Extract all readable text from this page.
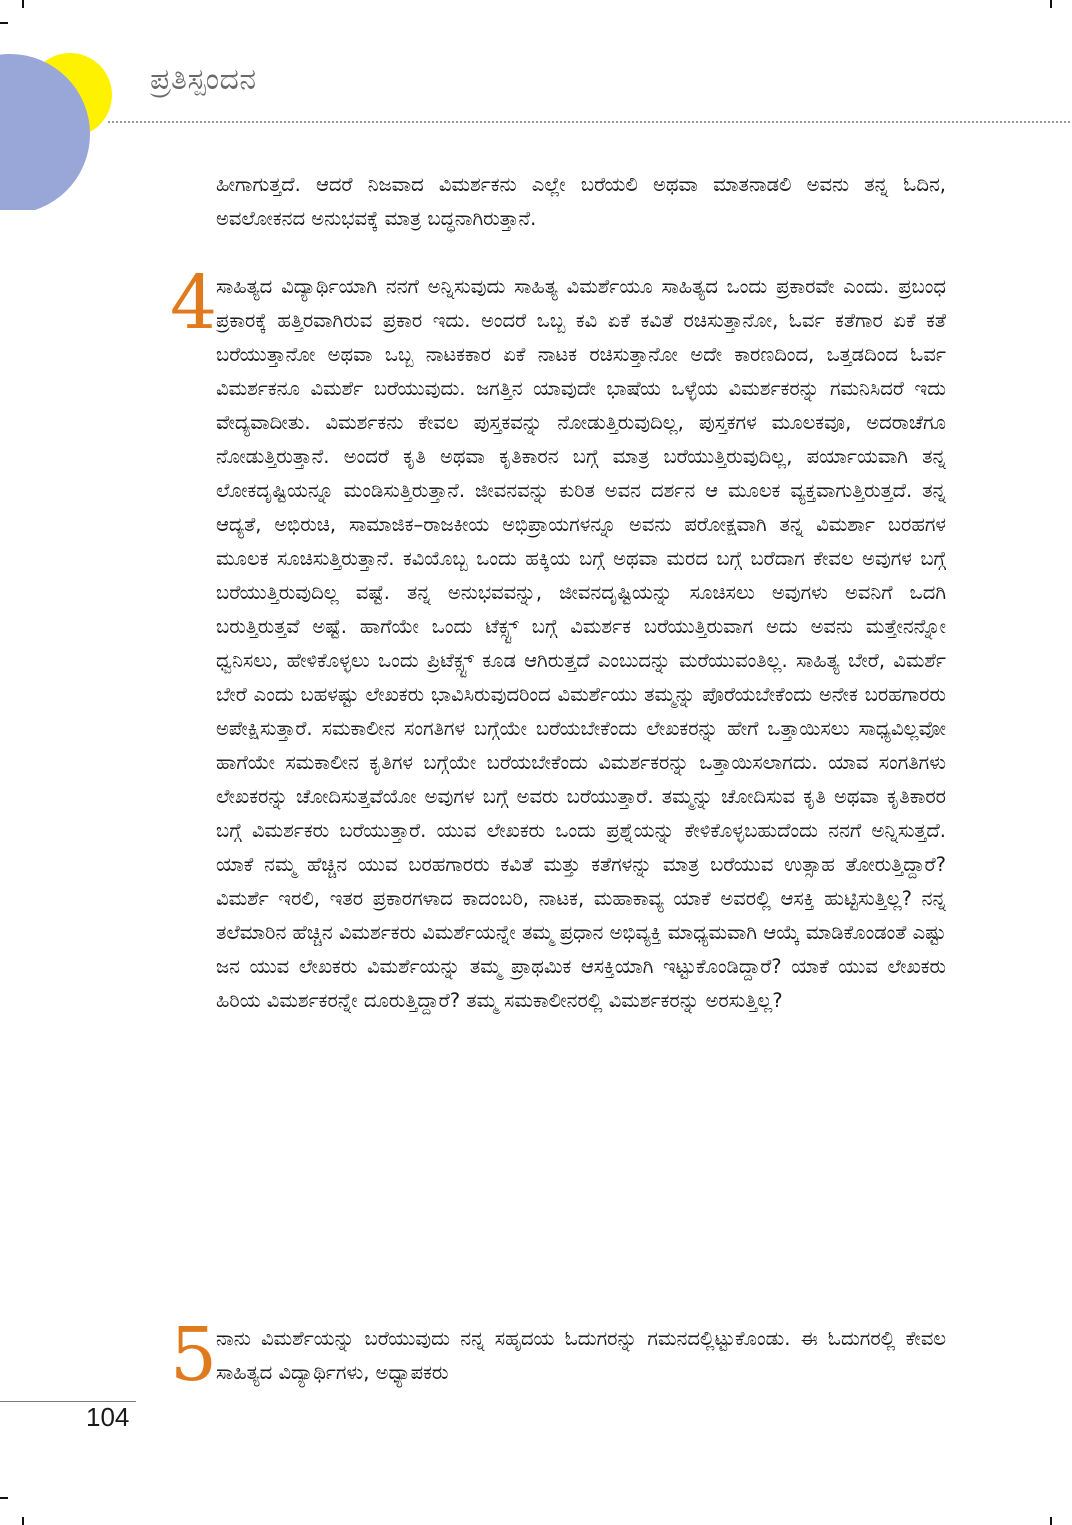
ಪ್ರತಿಸ್ಪಂದನ

ಹೀಗಾಗುತ್ತದೆ. ಆದರೆ ನಿಜವಾದ ವಿಮರ್ಶಕನು ಎಲ್ಲೇ ಬರೆಯಲಿ ಅಥವಾ ಮಾತನಾಡಲಿ ಅವನು ತನ್ನ ಓದಿನ, ಅವಲೋಕನದ ಅನುಭವಕ್ಕೆ ಮಾತ್ರ ಬದ್ಧನಾಗಿರುತ್ತಾನೆ.

4

ಸಾಹಿತ್ಯದ ವಿದ್ಯಾರ್ಥಿಯಾಗಿ ನನಗೆ ಅನ್ನಿಸುವುದು ಸಾಹಿತ್ಯ ವಿಮರ್ಶೆಯೂ ಸಾಹಿತ್ಯದ ಒಂದು ಪ್ರಕಾರವೇ ಎಂದು. ಪ್ರಬಂಧ ಪ್ರಕಾರಕ್ಕೆ ಹತ್ತಿರವಾಗಿರುವ ಪ್ರಕಾರ ಇದು. ಅಂದರೆ ಒಬ್ಬ ಕವಿ ಏಕೆ ಕವಿತೆ ರಚಿಸುತ್ತಾನೋ, ಓರ್ವ ಕತೆಗಾರ ಏಕೆ ಕತೆ ಬರೆಯುತ್ತಾನೋ ಅಥವಾ ಒಬ್ಬ ನಾಟಕಕಾರ ಏಕೆ ನಾಟಕ ರಚಿಸುತ್ತಾನೋ ಅದೇ ಕಾರಣದಿಂದ, ಒತ್ತಡದಿಂದ ಓರ್ವ ವಿಮರ್ಶಕನೂ ವಿಮರ್ಶೆ ಬರೆಯುವುದು. ಜಗತ್ತಿನ ಯಾವುದೇ ಭಾಷೆಯ ಒಳ್ಳೆಯ ವಿಮರ್ಶಕರನ್ನು ಗಮನಿಸಿದರೆ ಇದು ವೇದ್ಯವಾದೀತು. ವಿಮರ್ಶಕನು ಕೇವಲ ಪುಸ್ತಕವನ್ನು ನೋಡುತ್ತಿರುವುದಿಲ್ಲ, ಪುಸ್ತಕಗಳ ಮೂಲಕವೂ, ಅದರಾಚೆಗೂ ನೋಡುತ್ತಿರುತ್ತಾನೆ. ಅಂದರೆ ಕೃತಿ ಅಥವಾ ಕೃತಿಕಾರನ ಬಗ್ಗೆ ಮಾತ್ರ ಬರೆಯುತ್ತಿರುವುದಿಲ್ಲ, ಪರ್ಯಾಯವಾಗಿ ತನ್ನ ಲೋಕದೃಷ್ಟಿಯನ್ನೂ ಮಂಡಿಸುತ್ತಿರುತ್ತಾನೆ. ಜೀವನವನ್ನು ಕುರಿತ ಅವನ ದರ್ಶನ ಆ ಮೂಲಕ ವ್ಯಕ್ತವಾಗುತ್ತಿರುತ್ತದೆ. ತನ್ನ ಆದ್ಯತೆ, ಅಭಿರುಚಿ, ಸಾಮಾಜಿಕ–ರಾಜಕೀಯ ಅಭಿಪ್ರಾಯಗಳನ್ನೂ ಅವನು ಪರೋಕ್ಷವಾಗಿ ತನ್ನ ವಿಮರ್ಶಾ ಬರಹಗಳ ಮೂಲಕ ಸೂಚಿಸುತ್ತಿರುತ್ತಾನೆ. ಕವಿಯೊಬ್ಬ ಒಂದು ಹಕ್ಕಿಯ ಬಗ್ಗೆ ಅಥವಾ ಮರದ ಬಗ್ಗೆ ಬರೆದಾಗ ಕೇವಲ ಅವುಗಳ ಬಗ್ಗೆ ಬರೆಯುತ್ತಿರುವುದಿಲ್ಲ ವಷ್ಟೆ. ತನ್ನ ಅನುಭವವನ್ನು, ಜೀವನದೃಷ್ಟಿಯನ್ನು ಸೂಚಿಸಲು ಅವುಗಳು ಅವನಿಗೆ ಒದಗಿ ಬರುತ್ತಿರುತ್ತವೆ ಅಷ್ಟೆ. ಹಾಗೆಯೇ ಒಂದು ಟೆಕ್ಸ್ಟ್ ಬಗ್ಗೆ ವಿಮರ್ಶಕ ಬರೆಯುತ್ತಿರುವಾಗ ಅದು ಅವನು ಮತ್ತೇನನ್ನೋ ಧ್ವನಿಸಲು, ಹೇಳಿಕೊಳ್ಳಲು ಒಂದು ಪ್ರಿಟೆಕ್ಸ್ಟ್ ಕೂಡ ಆಗಿರುತ್ತದೆ ಎಂಬುದನ್ನು ಮರೆಯುವಂತಿಲ್ಲ. ಸಾಹಿತ್ಯ ಬೇರೆ, ವಿಮರ್ಶೆ ಬೇರೆ ಎಂದು ಬಹಳಷ್ಟು ಲೇಖಕರು ಭಾವಿಸಿರುವುದರಿಂದ ವಿಮರ್ಶೆಯು ತಮ್ಮನ್ನು ಪೊರೆಯಬೇಕೆಂದು ಅನೇಕ ಬರಹಗಾರರು ಅಪೇಕ್ಷಿಸುತ್ತಾರೆ. ಸಮಕಾಲೀನ ಸಂಗತಿಗಳ ಬಗ್ಗೆಯೇ ಬರೆಯಬೇಕೆಂದು ಲೇಖಕರನ್ನು ಹೇಗೆ ಒತ್ತಾಯಿಸಲು ಸಾಧ್ಯವಿಲ್ಲವೋ ಹಾಗೆಯೇ ಸಮಕಾಲೀನ ಕೃತಿಗಳ ಬಗ್ಗೆಯೇ ಬರೆಯಬೇಕೆಂದು ವಿಮರ್ಶಕರನ್ನು ಒತ್ತಾಯಿಸಲಾಗದು. ಯಾವ ಸಂಗತಿಗಳು ಲೇಖಕರನ್ನು ಚೋದಿಸುತ್ತವೆಯೋ ಅವುಗಳ ಬಗ್ಗೆ ಅವರು ಬರೆಯುತ್ತಾರೆ. ತಮ್ಮನ್ನು ಚೋದಿಸುವ ಕೃತಿ ಅಥವಾ ಕೃತಿಕಾರರ ಬಗ್ಗೆ ವಿಮರ್ಶಕರು ಬರೆಯುತ್ತಾರೆ. ಯುವ ಲೇಖಕರು ಒಂದು ಪ್ರಶ್ನೆಯನ್ನು ಕೇಳಿಕೊಳ್ಳಬಹುದೆಂದು ನನಗೆ ಅನ್ನಿಸುತ್ತದೆ. ಯಾಕೆ ನಮ್ಮ ಹೆಚ್ಚಿನ ಯುವ ಬರಹಗಾರರು ಕವಿತೆ ಮತ್ತು ಕತೆಗಳನ್ನು ಮಾತ್ರ ಬರೆಯುವ ಉತ್ಸಾಹ ತೋರುತ್ತಿದ್ದಾರೆ? ವಿಮರ್ಶೆ ಇರಲಿ, ಇತರ ಪ್ರಕಾರಗಳಾದ ಕಾದಂಬರಿ, ನಾಟಕ, ಮಹಾಕಾವ್ಯ ಯಾಕೆ ಅವರಲ್ಲಿ ಆಸಕ್ತಿ ಹುಟ್ಟಿಸುತ್ತಿಲ್ಲ? ನನ್ನ ತಲೆಮಾರಿನ ಹೆಚ್ಚಿನ ವಿಮರ್ಶಕರು ವಿಮರ್ಶೆಯನ್ನೇ ತಮ್ಮ ಪ್ರಧಾನ ಅಭಿವ್ಯಕ್ತಿ ಮಾಧ್ಯಮವಾಗಿ ಆಯ್ಕೆ ಮಾಡಿಕೊಂಡಂತೆ ಎಷ್ಟು ಜನ ಯುವ ಲೇಖಕರು ವಿಮರ್ಶೆಯನ್ನು ತಮ್ಮ ಪ್ರಾಥಮಿಕ ಆಸಕ್ತಿಯಾಗಿ ಇಟ್ಟುಕೊಂಡಿದ್ದಾರೆ? ಯಾಕೆ ಯುವ ಲೇಖಕರು ಹಿರಿಯ ವಿಮರ್ಶಕರನ್ನೇ ದೂರುತ್ತಿದ್ದಾರೆ? ತಮ್ಮ ಸಮಕಾಲೀನರಲ್ಲಿ ವಿಮರ್ಶಕರನ್ನು ಅರಸುತ್ತಿಲ್ಲ?

5

ನಾನು ವಿಮರ್ಶೆಯನ್ನು ಬರೆಯುವುದು ನನ್ನ ಸಹೃದಯ ಓದುಗರನ್ನು ಗಮನದಲ್ಲಿಟ್ಟುಕೊಂಡು. ಈ ಓದುಗರಲ್ಲಿ ಕೇವಲ ಸಾಹಿತ್ಯದ ವಿದ್ಯಾರ್ಥಿಗಳು, ಅಧ್ಯಾಪಕರು

104
